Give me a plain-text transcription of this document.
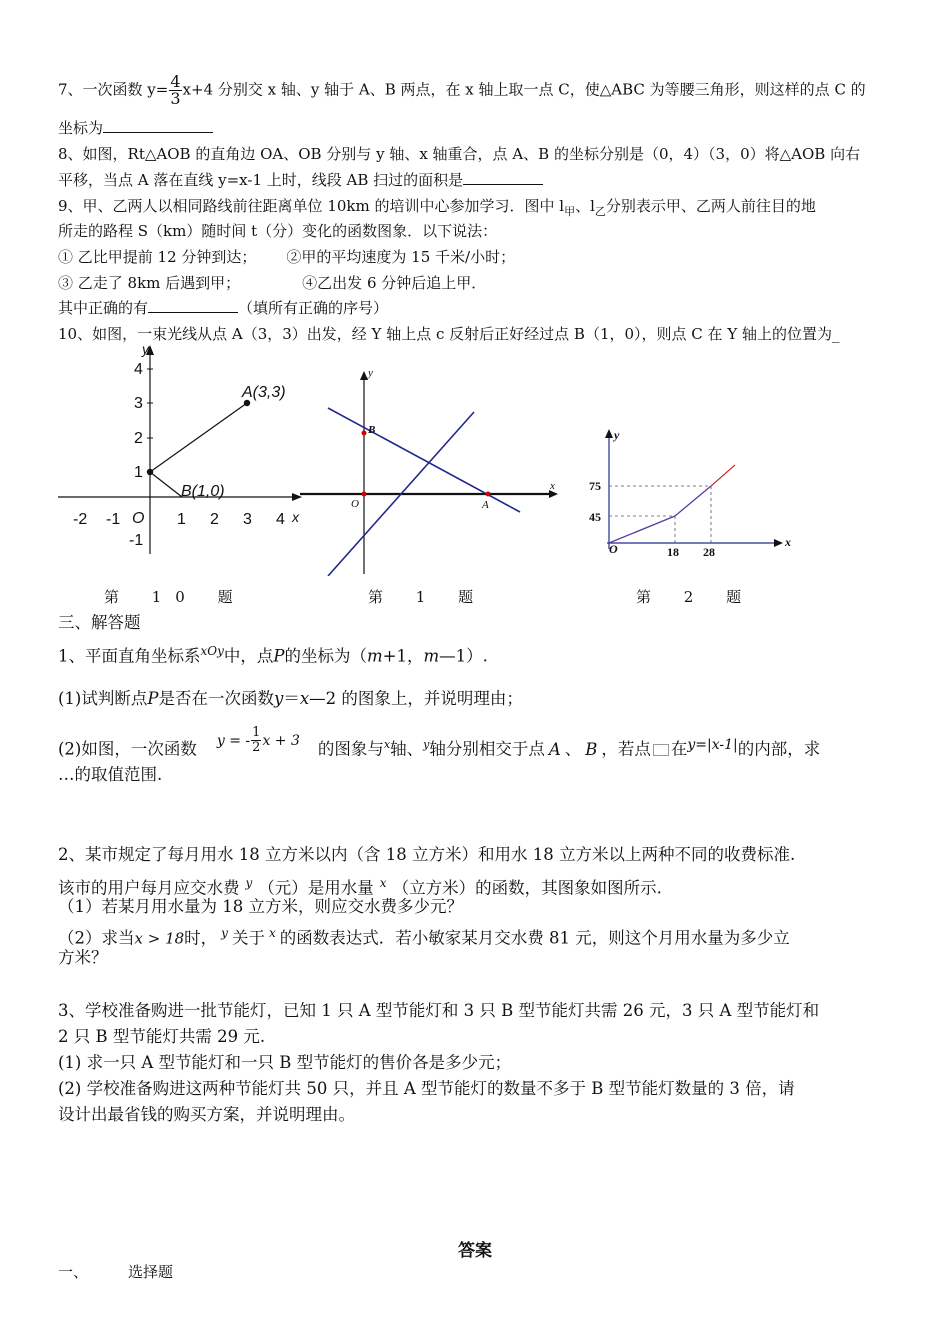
7、一次函数 $y= \frac{4}{3} x+4$ 分别交 x 轴、y 轴于 A、B 两点，在 x 轴上取一点 C，使△ABC 为等腰三角形，则这样的点 C 的
坐标为
8、如图，Rt△AOB 的直角边 OA、OB 分别与 y 轴、x 轴重合，点 A、B 的坐标分别是（0，4）（3，0）将△AOB 向右
平移，当点 A 落在直线 y=x-1 上时，线段 AB 扫过的面积是
9、甲、乙两人以相同路线前往距离单位 10km 的培训中心参加学习．图中 $l_甲$、$l_乙$分别表示甲、乙两人前往目的地
所走的路程 S（km）随时间 t（分）变化的函数图象．以下说法：
① 乙比甲提前 12 分钟到达； ②甲的平均速度为 15 千米/小时；
③ 乙走了 8km 后遇到甲；	④乙出发 6 分钟后追上甲．
其中正确的有	（填所有正确的序号）
10、如图，一束光线从点 A（3，3）出发，经 Y 轴上点 c 反射后正好经过点 B（1，0），则点 C 在 Y 轴上的位置为_
y
x
4
3
2
1
-1
-2 -1	1 2 3 4
O
A(3,3)
B(1,0)
y
x
O
B
A
y
x
O
75
45
18 28
第 10 题	第 1 题	第 2 题
三、解答题
1、平面直角坐标系$^{xOy}$中，点P的坐标为（m+1，m—1）.
(1)试判断点P是否在一次函数y＝x—2 的图象上，并说明理由；
(2)如图，一次函数 $^{y = -} \frac{1}{2} ^{x + 3}$ 的图象与$^x$轴、$^y$轴分别相交于点 A 、 B ，若点 在$^{y=|x-1|}$的内部，求
…的取值范围.
2、某市规定了每月用水 18 立方米以内（含 18 立方米）和用水 18 立方米以上两种不同的收费标准.
该市的用户每月应交水费 $^y$ （元）是用水量 $^x$ （立方米）的函数，其图象如图所示.
（1）若某月用水量为 18 立方米，则应交水费多少元？
（2）求当x > 18时， $^y$ 关于 $^x$ 的函数表达式．若小敏家某月交水费 81 元，则这个月用水量为多少立
方米？
3、学校准备购进一批节能灯，已知 1 只 A 型节能灯和 3 只 B 型节能灯共需 26 元，3 只 A 型节能灯和
2 只 B 型节能灯共需 29 元.
(1) 求一只 A 型节能灯和一只 B 型节能灯的售价各是多少元；
(2) 学校准备购进这两种节能灯共 50 只，并且 A 型节能灯的数量不多于 B 型节能灯数量的 3 倍，请
设计出最省钱的购买方案，并说明理由。
答案
一、	选择题
